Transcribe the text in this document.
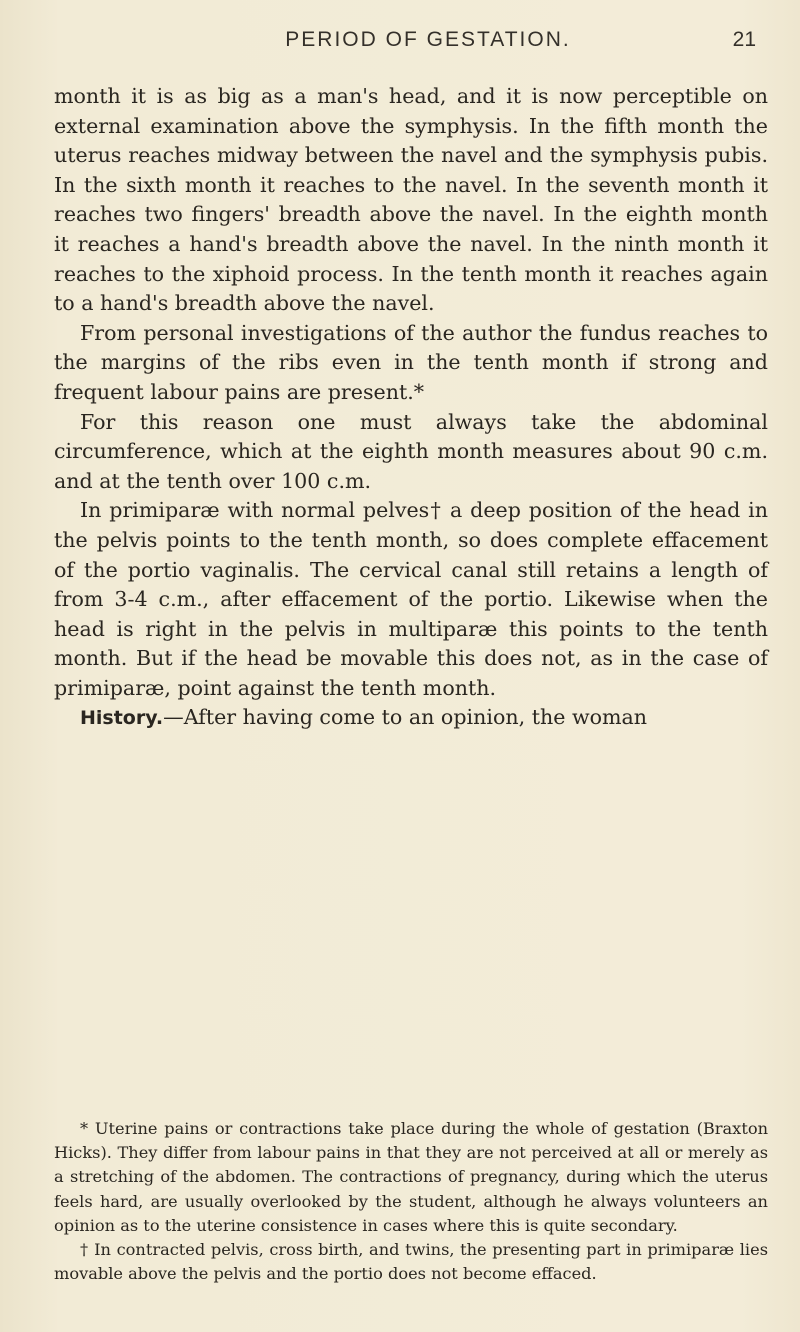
PERIOD OF GESTATION.	21

month it is as big as a man's head, and it is now perceptible on external examination above the symphysis. In the fifth month the uterus reaches midway between the navel and the symphysis pubis. In the sixth month it reaches to the navel. In the seventh month it reaches two fingers' breadth above the navel. In the eighth month it reaches a hand's breadth above the navel. In the ninth month it reaches to the xiphoid process. In the tenth month it reaches again to a hand's breadth above the navel.

From personal investigations of the author the fundus reaches to the margins of the ribs even in the tenth month if strong and frequent labour pains are present.*

For this reason one must always take the abdominal circumference, which at the eighth month measures about 90 c.m. and at the tenth over 100 c.m.

In primiparæ with normal pelves† a deep position of the head in the pelvis points to the tenth month, so does complete effacement of the portio vaginalis. The cervical canal still retains a length of from 3-4 c.m., after effacement of the portio. Likewise when the head is right in the pelvis in multiparæ this points to the tenth month. But if the head be movable this does not, as in the case of primiparæ, point against the tenth month.

History.—After having come to an opinion, the woman

* Uterine pains or contractions take place during the whole of gestation (Braxton Hicks). They differ from labour pains in that they are not perceived at all or merely as a stretching of the abdomen. The contractions of pregnancy, during which the uterus feels hard, are usually overlooked by the student, although he always volunteers an opinion as to the uterine consistence in cases where this is quite secondary.

† In contracted pelvis, cross birth, and twins, the presenting part in primiparæ lies movable above the pelvis and the portio does not become effaced.
